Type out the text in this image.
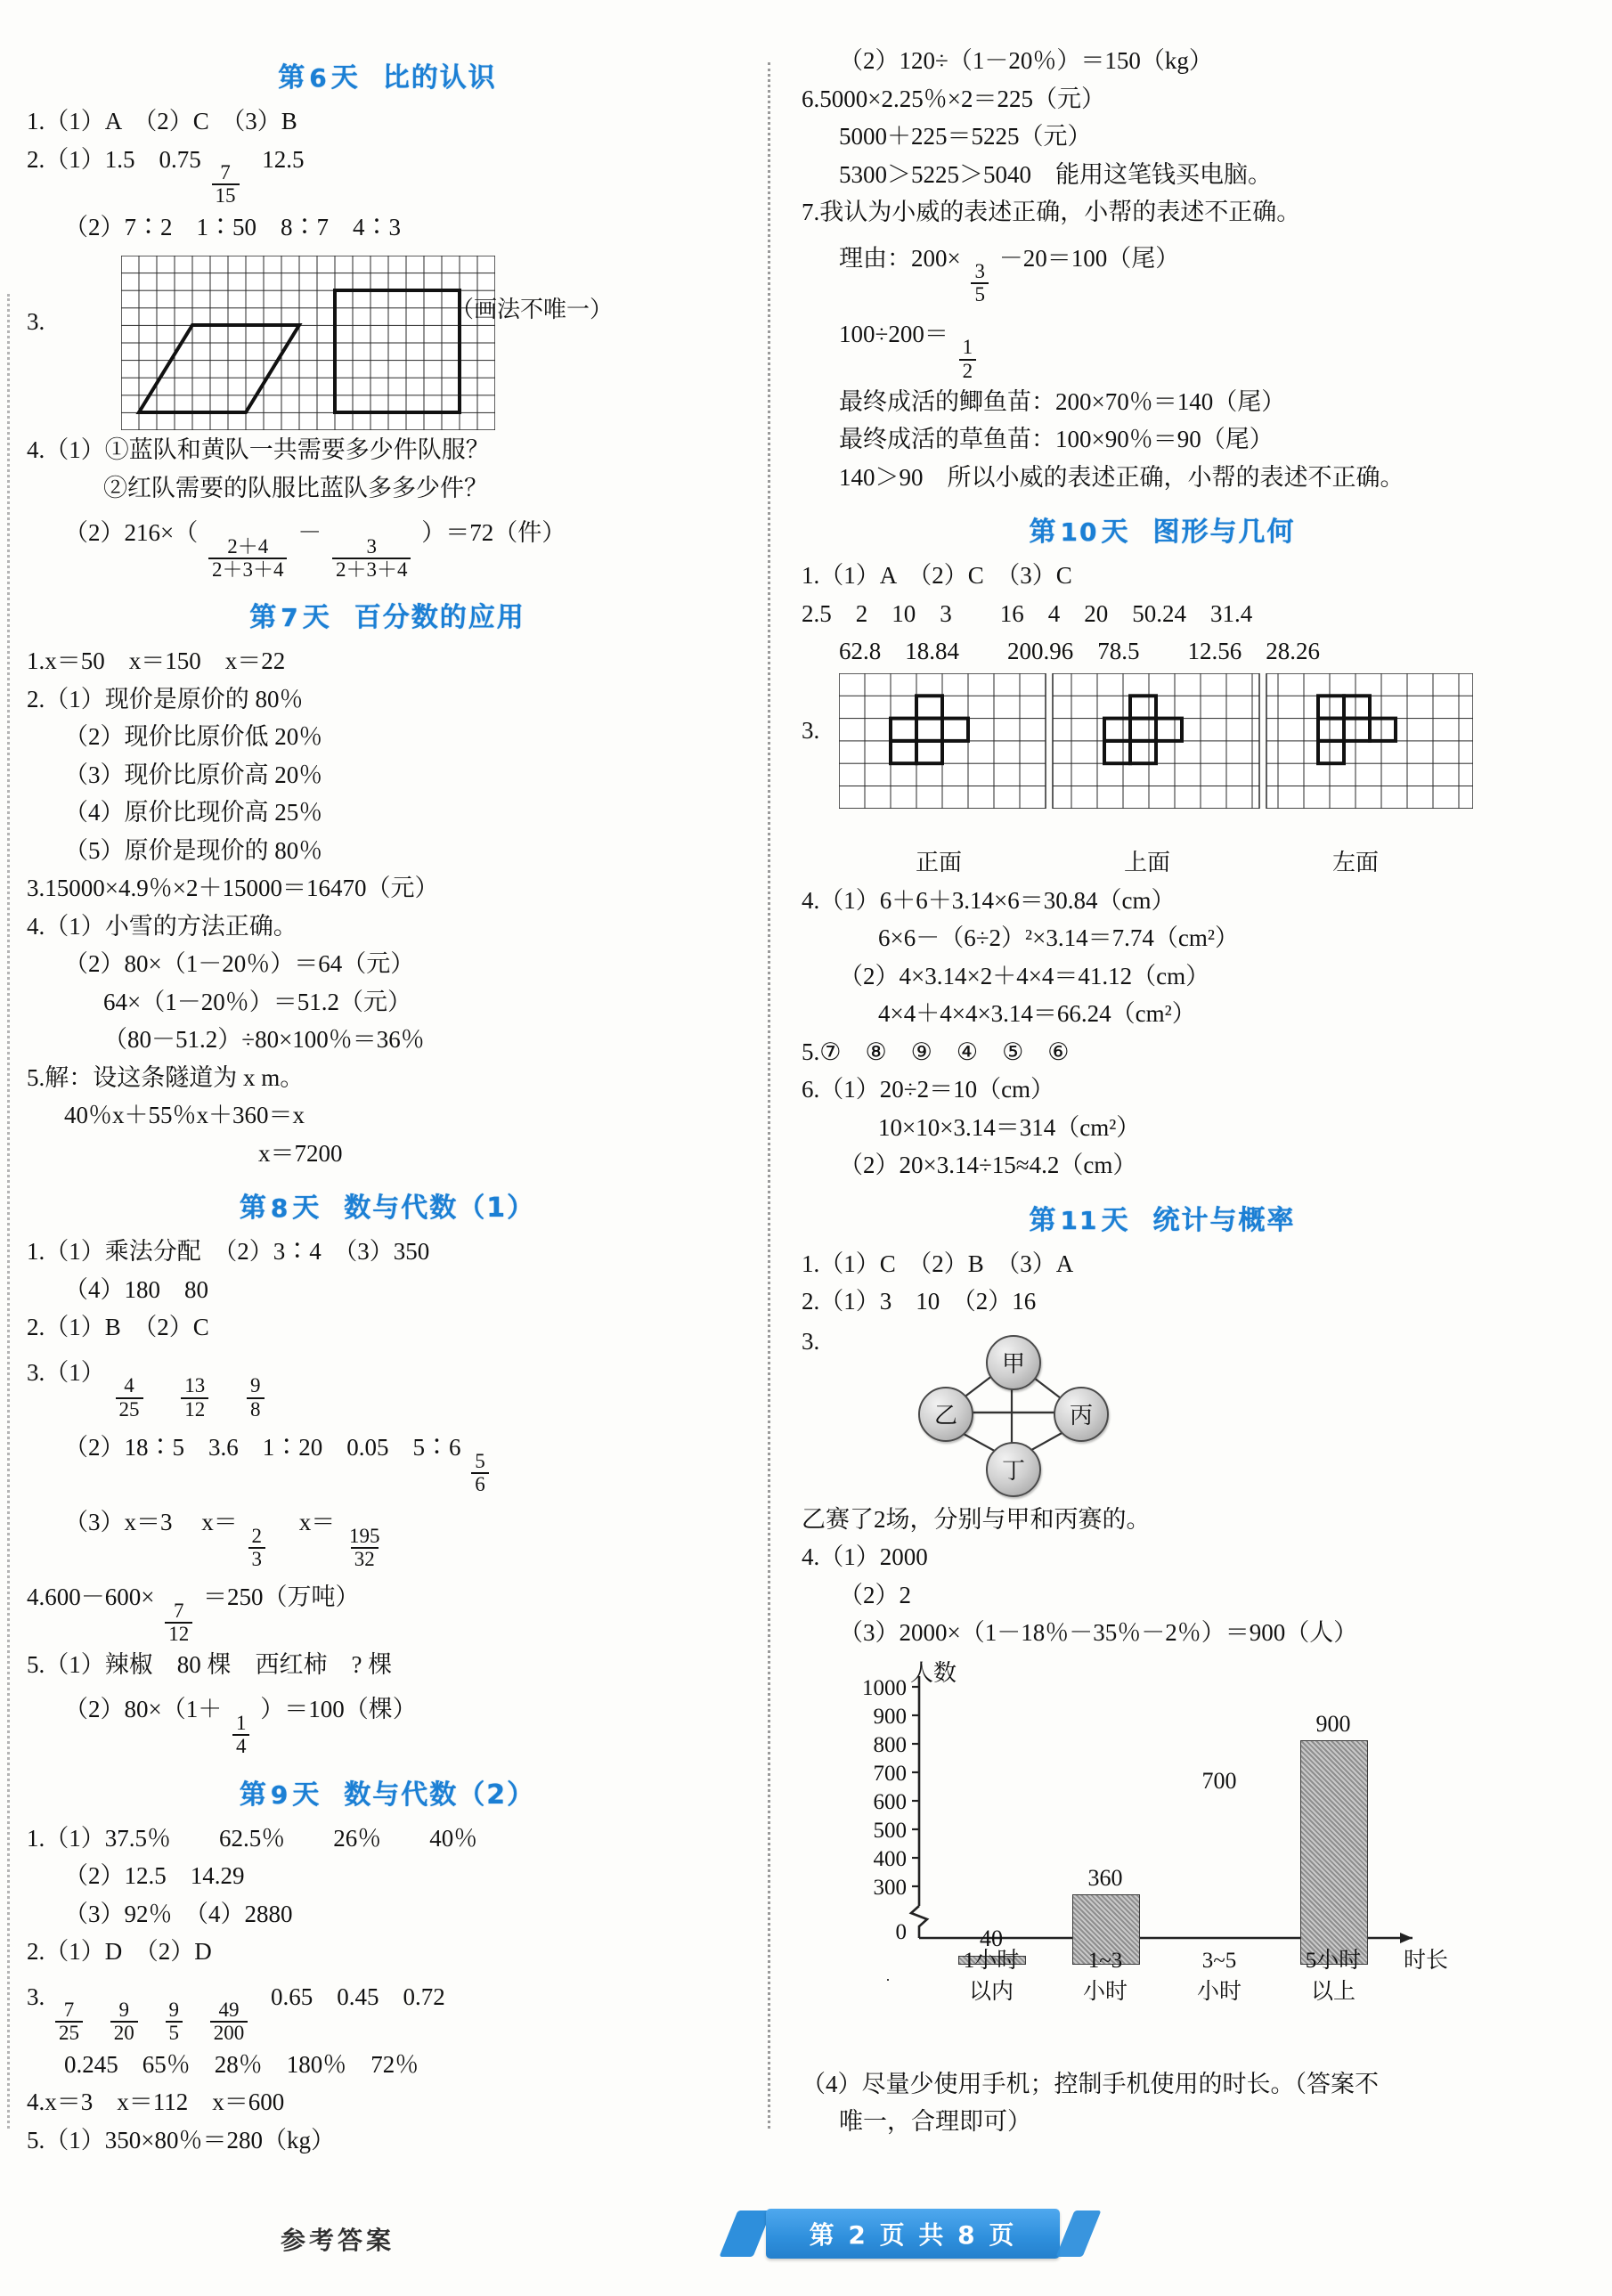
第 6 天 比的认识
1.（1）A　（2）C　（3）B
2.（1）1.5　0.75
$\frac{7}{15}$
12.5
（2）7∶2　1∶50　8∶7　4∶3
3.	（画法不唯一）
4.（1）①蓝队和黄队一共需要多少件队服？
②红队需要的队服比蓝队多多少件？
（2）216×（
$\frac{2+4}{2+3+4}$
－
$\frac{3}{2+3+4}$
）＝72（件）
第 7 天 百分数的应用
1.x＝50　x＝150　x＝22
2.（1）现价是原价的 80％
（2）现价比原价低 20％
（3）现价比原价高 20％
（4）原价比现价高 25％
（5）原价是现价的 80％
3.15000×4.9％×2＋15000＝16470（元）
4.（1）小雪的方法正确。
（2）80×（1－20％）＝64（元）
64×（1－20％）＝51.2（元）
（80－51.2）÷80×100％＝36％
5.解：设这条隧道为 x m。
40％x＋55％x＋360＝x
x＝7200
第 8 天 数与代数（1）
1.（1）乘法分配　（2）3∶4　（3）350
（4）180　80
2.（1）B　（2）C
3.（1）
$\frac{4}{25}$
$\frac{13}{12}$
$\frac{9}{8}$
（2）18∶5　3.6　1∶20　0.05　5∶6
$\frac{5}{6}$
（3）x＝3 x＝
$\frac{2}{3}$
x＝
$\frac{195}{32}$
4.600－600×
$\frac{7}{12}$
＝250（万吨）
5.（1）辣椒　80 棵　西红柿　? 棵
（2）80×（1＋
$\frac{1}{4}$
）＝100（棵）
第 9 天 数与代数（2）
1.（1）37.5％　　62.5％　　26％　　40％
（2）12.5　14.29
（3）92％　（4）2880
2.（1）D　（2）D
3.
$\frac{7}{25}$
$\frac{9}{20}$
$\frac{9}{5}$
$\frac{49}{200}$
0.65　0.45　0.72
0.245　65％　28％　180％　72％
4.x＝3　x＝112　x＝600
5.（1）350×80％＝280（kg）
（2）120÷（1－20％）＝150（kg）
6.5000×2.25％×2＝225（元）
5000＋225＝5225（元）
5300＞5225＞5040　能用这笔钱买电脑。
7.我认为小威的表述正确，小帮的表述不正确。
理由：200×
$\frac{3}{5}$
－20＝100（尾）
100÷200＝
$\frac{1}{2}$
最终成活的鲫鱼苗：200×70％＝140（尾）
最终成活的草鱼苗：100×90％＝90（尾）
140＞90　所以小威的表述正确，小帮的表述不正确。
第 10 天 图形与几何
1.（1）A　（2）C　（3）C
2.5　2　10　3　　16　4　20　50.24　31.4
62.8　18.84　　200.96　78.5　　12.56　28.26
3.
正面	上面	左面
4.（1）6＋6＋3.14×6＝30.84（cm）
6×6－（6÷2）²×3.14＝7.74（cm²）
（2）4×3.14×2＋4×4＝41.12（cm）
4×4＋4×4×3.14＝66.24（cm²）
5.⑦　⑧　⑨　④　⑤　⑥
6.（1）20÷2＝10（cm）
10×10×3.14＝314（cm²）
（2）20×3.14÷15≈4.2（cm）
第 11 天 统计与概率
1.（1）C　（2）B　（3）A
2.（1）3　10　（2）16
3.
甲
乙	丙
丁
乙赛了2场，分别与甲和丙赛的。
4.（1）2000
（2）2
（3）2000×（1－18％－35％－2％）＝900（人）
人数
1000
900
800
700
600
500
400
300
0	40
360
700
900
1小时
以内
1~3
小时
3~5
小时
5小时
以上
时长
（4）尽量少使用手机；控制手机使用的时长。（答案不
唯一，合理即可）
参考答案	第 2 页 共 8 页
